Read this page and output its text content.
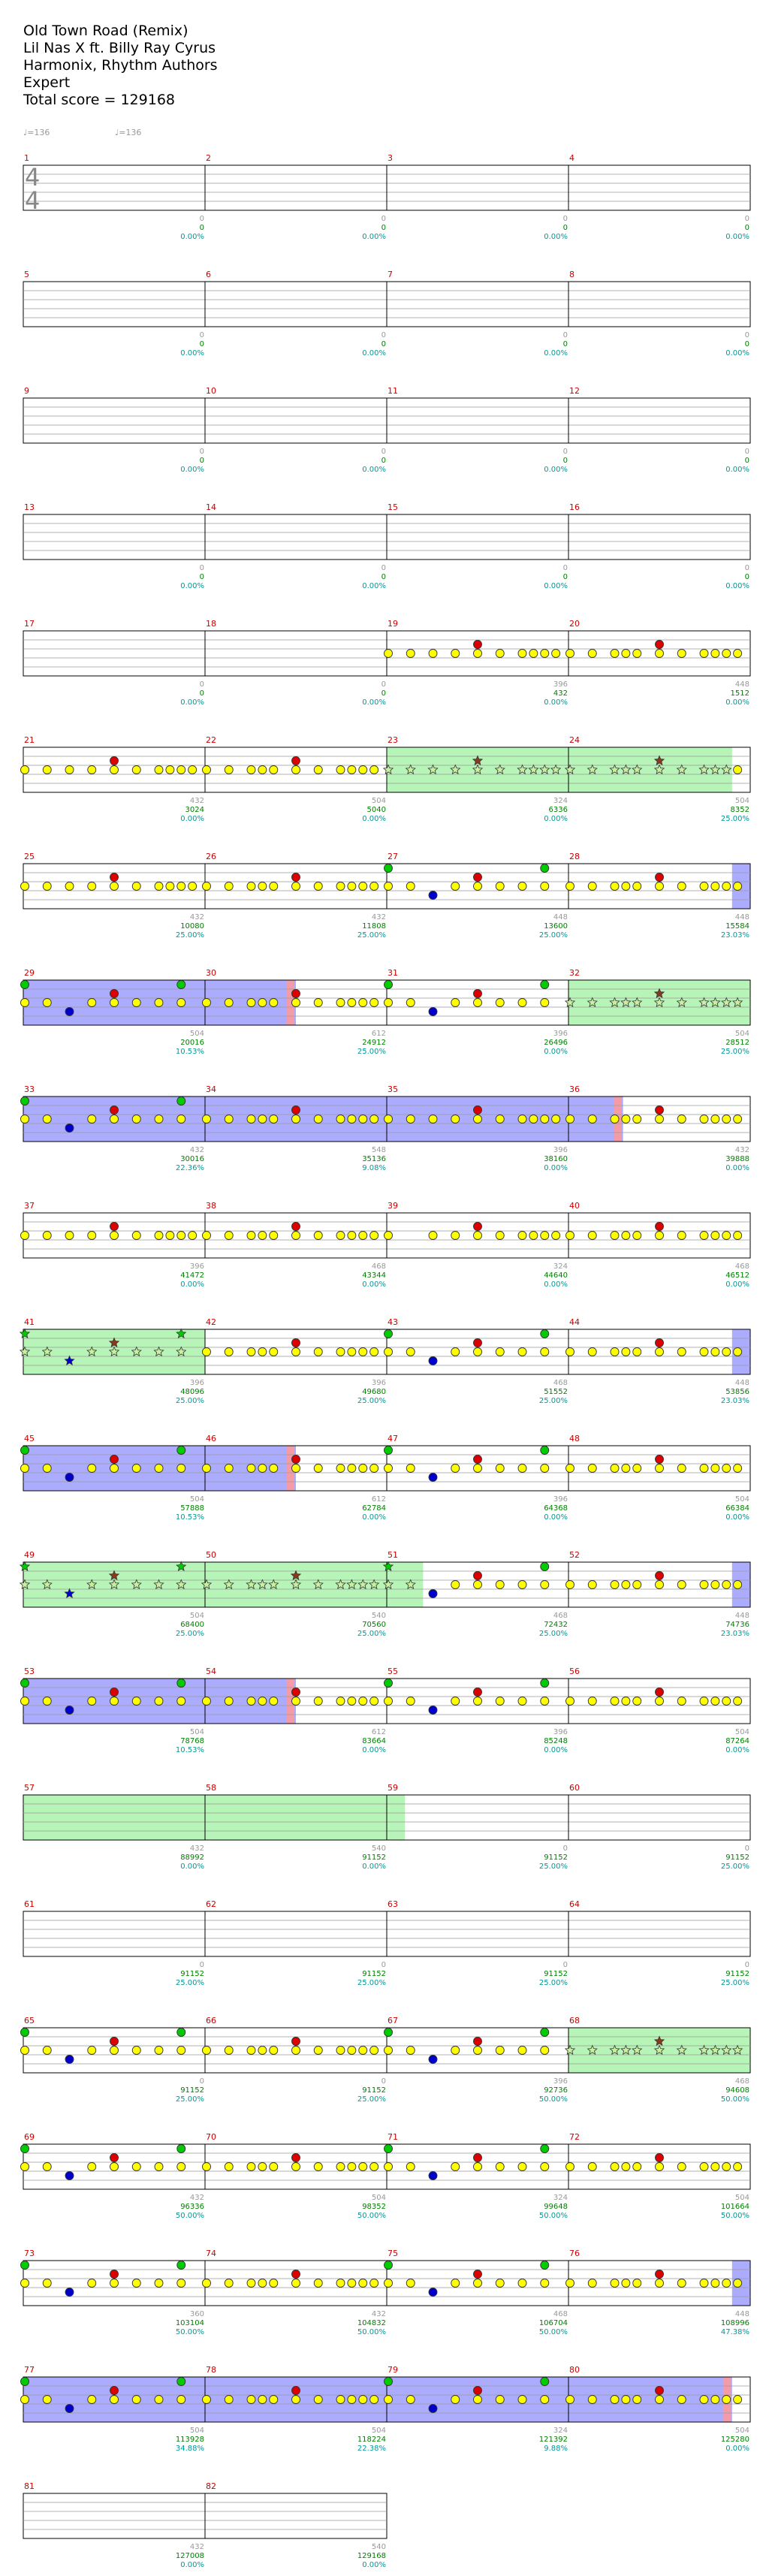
Old Town Road (Remix)
Lil Nas X ft. Billy Ray Cyrus
Harmonix, Rhythm Authors
Expert
Total score = 129168
♩=136	♩=136
4
4
1
0
0
0.00%
2
0
0
0.00%
3
0
0
0.00%
4
0
0
0.00%
5
0
0
0.00%
6
0
0
0.00%
7
0
0
0.00%
8
0
0
0.00%
9
0
0
0.00%
10
0
0
0.00%
11
0
0
0.00%
12
0
0
0.00%
13
0
0
0.00%
14
0
0
0.00%
15
0
0
0.00%
16
0
0
0.00%
17
0
0
0.00%
18
0
0
0.00%
19
396
432
0.00%
20
448
1512
0.00%
21
432
3024
0.00%
22
504
5040
0.00%
23
324
6336
0.00%
24
504
8352
25.00%
25
432
10080
25.00%
26
432
11808
25.00%
27
448
13600
25.00%
28
448
15584
23.03%
29
504
20016
10.53%
30
612
24912
25.00%
31
396
26496
0.00%
32
504
28512
25.00%
33
432
30016
22.36%
34
548
35136
9.08%
35
396
38160
0.00%
36
432
39888
0.00%
37
396
41472
0.00%
38
468
43344
0.00%
39
324
44640
0.00%
40
468
46512
0.00%
41
396
48096
25.00%
42
396
49680
25.00%
43
468
51552
25.00%
44
448
53856
23.03%
45
504
57888
10.53%
46
612
62784
0.00%
47
396
64368
0.00%
48
504
66384
0.00%
49
504
68400
25.00%
50
540
70560
25.00%
51
468
72432
25.00%
52
448
74736
23.03%
53
504
78768
10.53%
54
612
83664
0.00%
55
396
85248
0.00%
56
504
87264
0.00%
57
432
88992
0.00%
58
540
91152
0.00%
59
0
91152
25.00%
60
0
91152
25.00%
61
0
91152
25.00%
62
0
91152
25.00%
63
0
91152
25.00%
64
0
91152
25.00%
65
0
91152
25.00%
66
0
91152
25.00%
67
396
92736
50.00%
68
468
94608
50.00%
69
432
96336
50.00%
70
504
98352
50.00%
71
324
99648
50.00%
72
504
101664
50.00%
73
360
103104
50.00%
74
432
104832
50.00%
75
468
106704
50.00%
76
448
108996
47.38%
77
504
113928
34.88%
78
504
118224
22.38%
79
324
121392
9.88%
80
504
125280
0.00%
81
432
127008
0.00%
82
540
129168
0.00%
